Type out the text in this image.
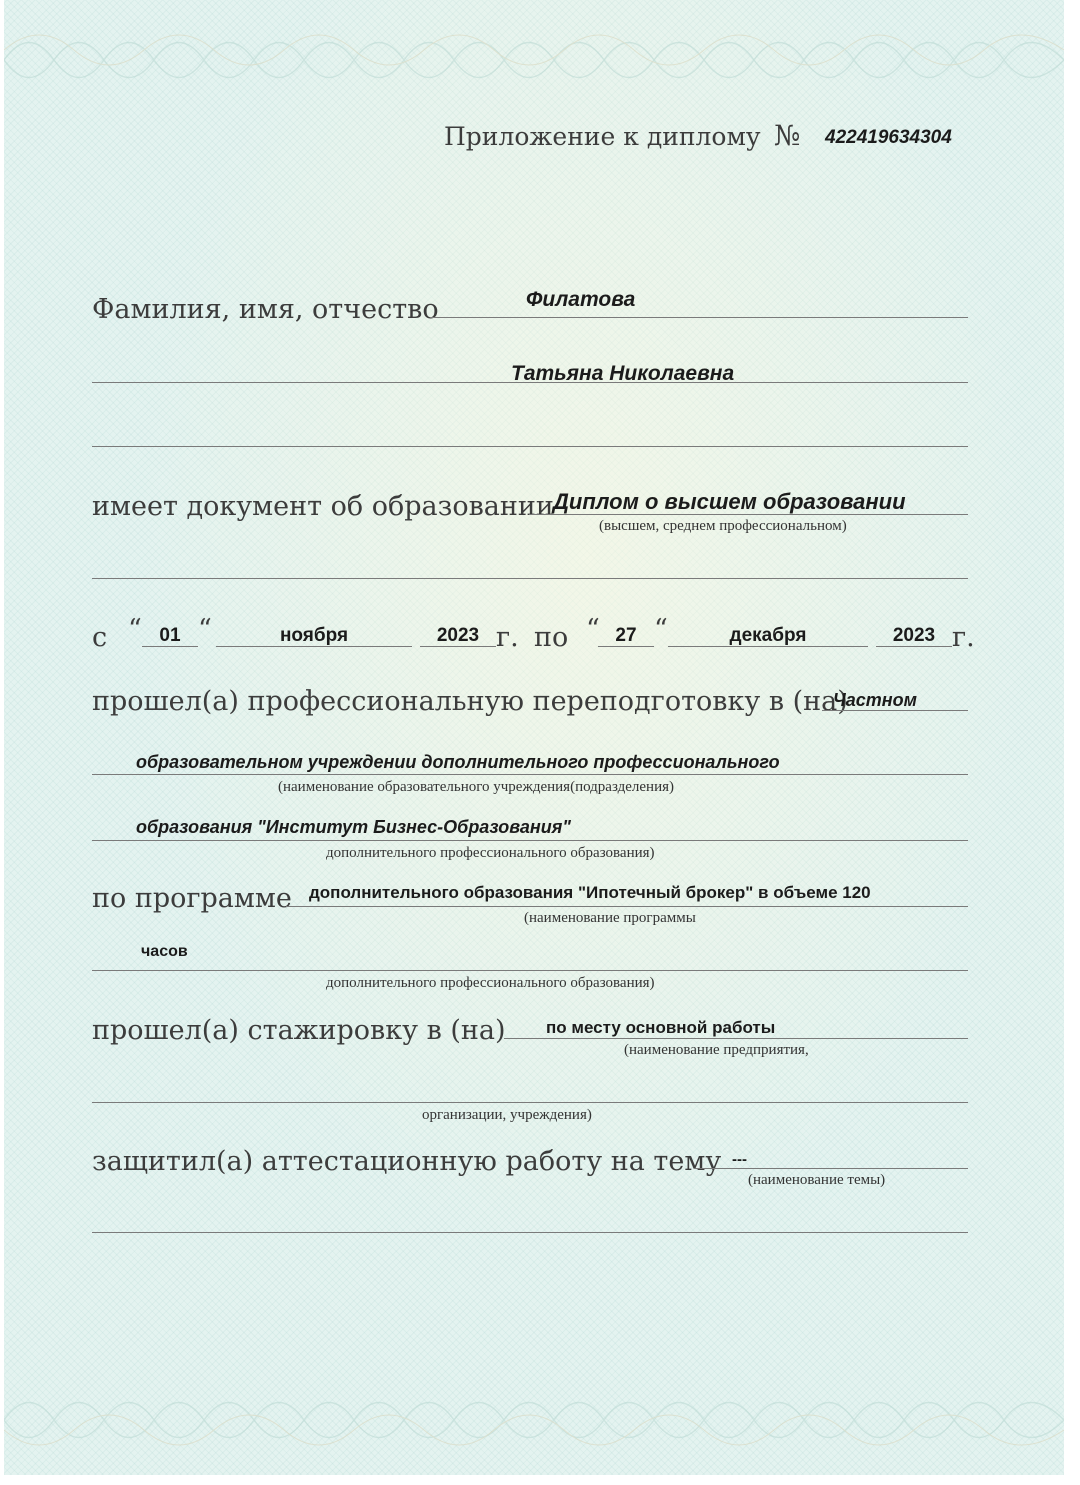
Приложение к диплому № 422419634304
Фамилия, имя, отчество	Филатова
Татьяна Николаевна
имеет документ об образовании Диплом о высшем образовании
(высшем, среднем профессиональном)
с “ 01 “	ноября	2023 г. по “ 27 “	декабря	2023 г.
прошел(а) профессиональную переподготовку в (на)
Частном
образовательном учреждении дополнительного профессионального
(наименование образовательного учреждения(подразделения)
образования "Институт Бизнес-Образования"
дополнительного профессионального образования)
по программе дополнительного образования "Ипотечный брокер" в объеме 120
(наименование программы
часов
дополнительного профессионального образования)
прошел(а) стажировку в (на) по месту основной работы
(наименование предприятия,
организации, учреждения)
защитил(а) аттестационную работу на тему ---
(наименование темы)
